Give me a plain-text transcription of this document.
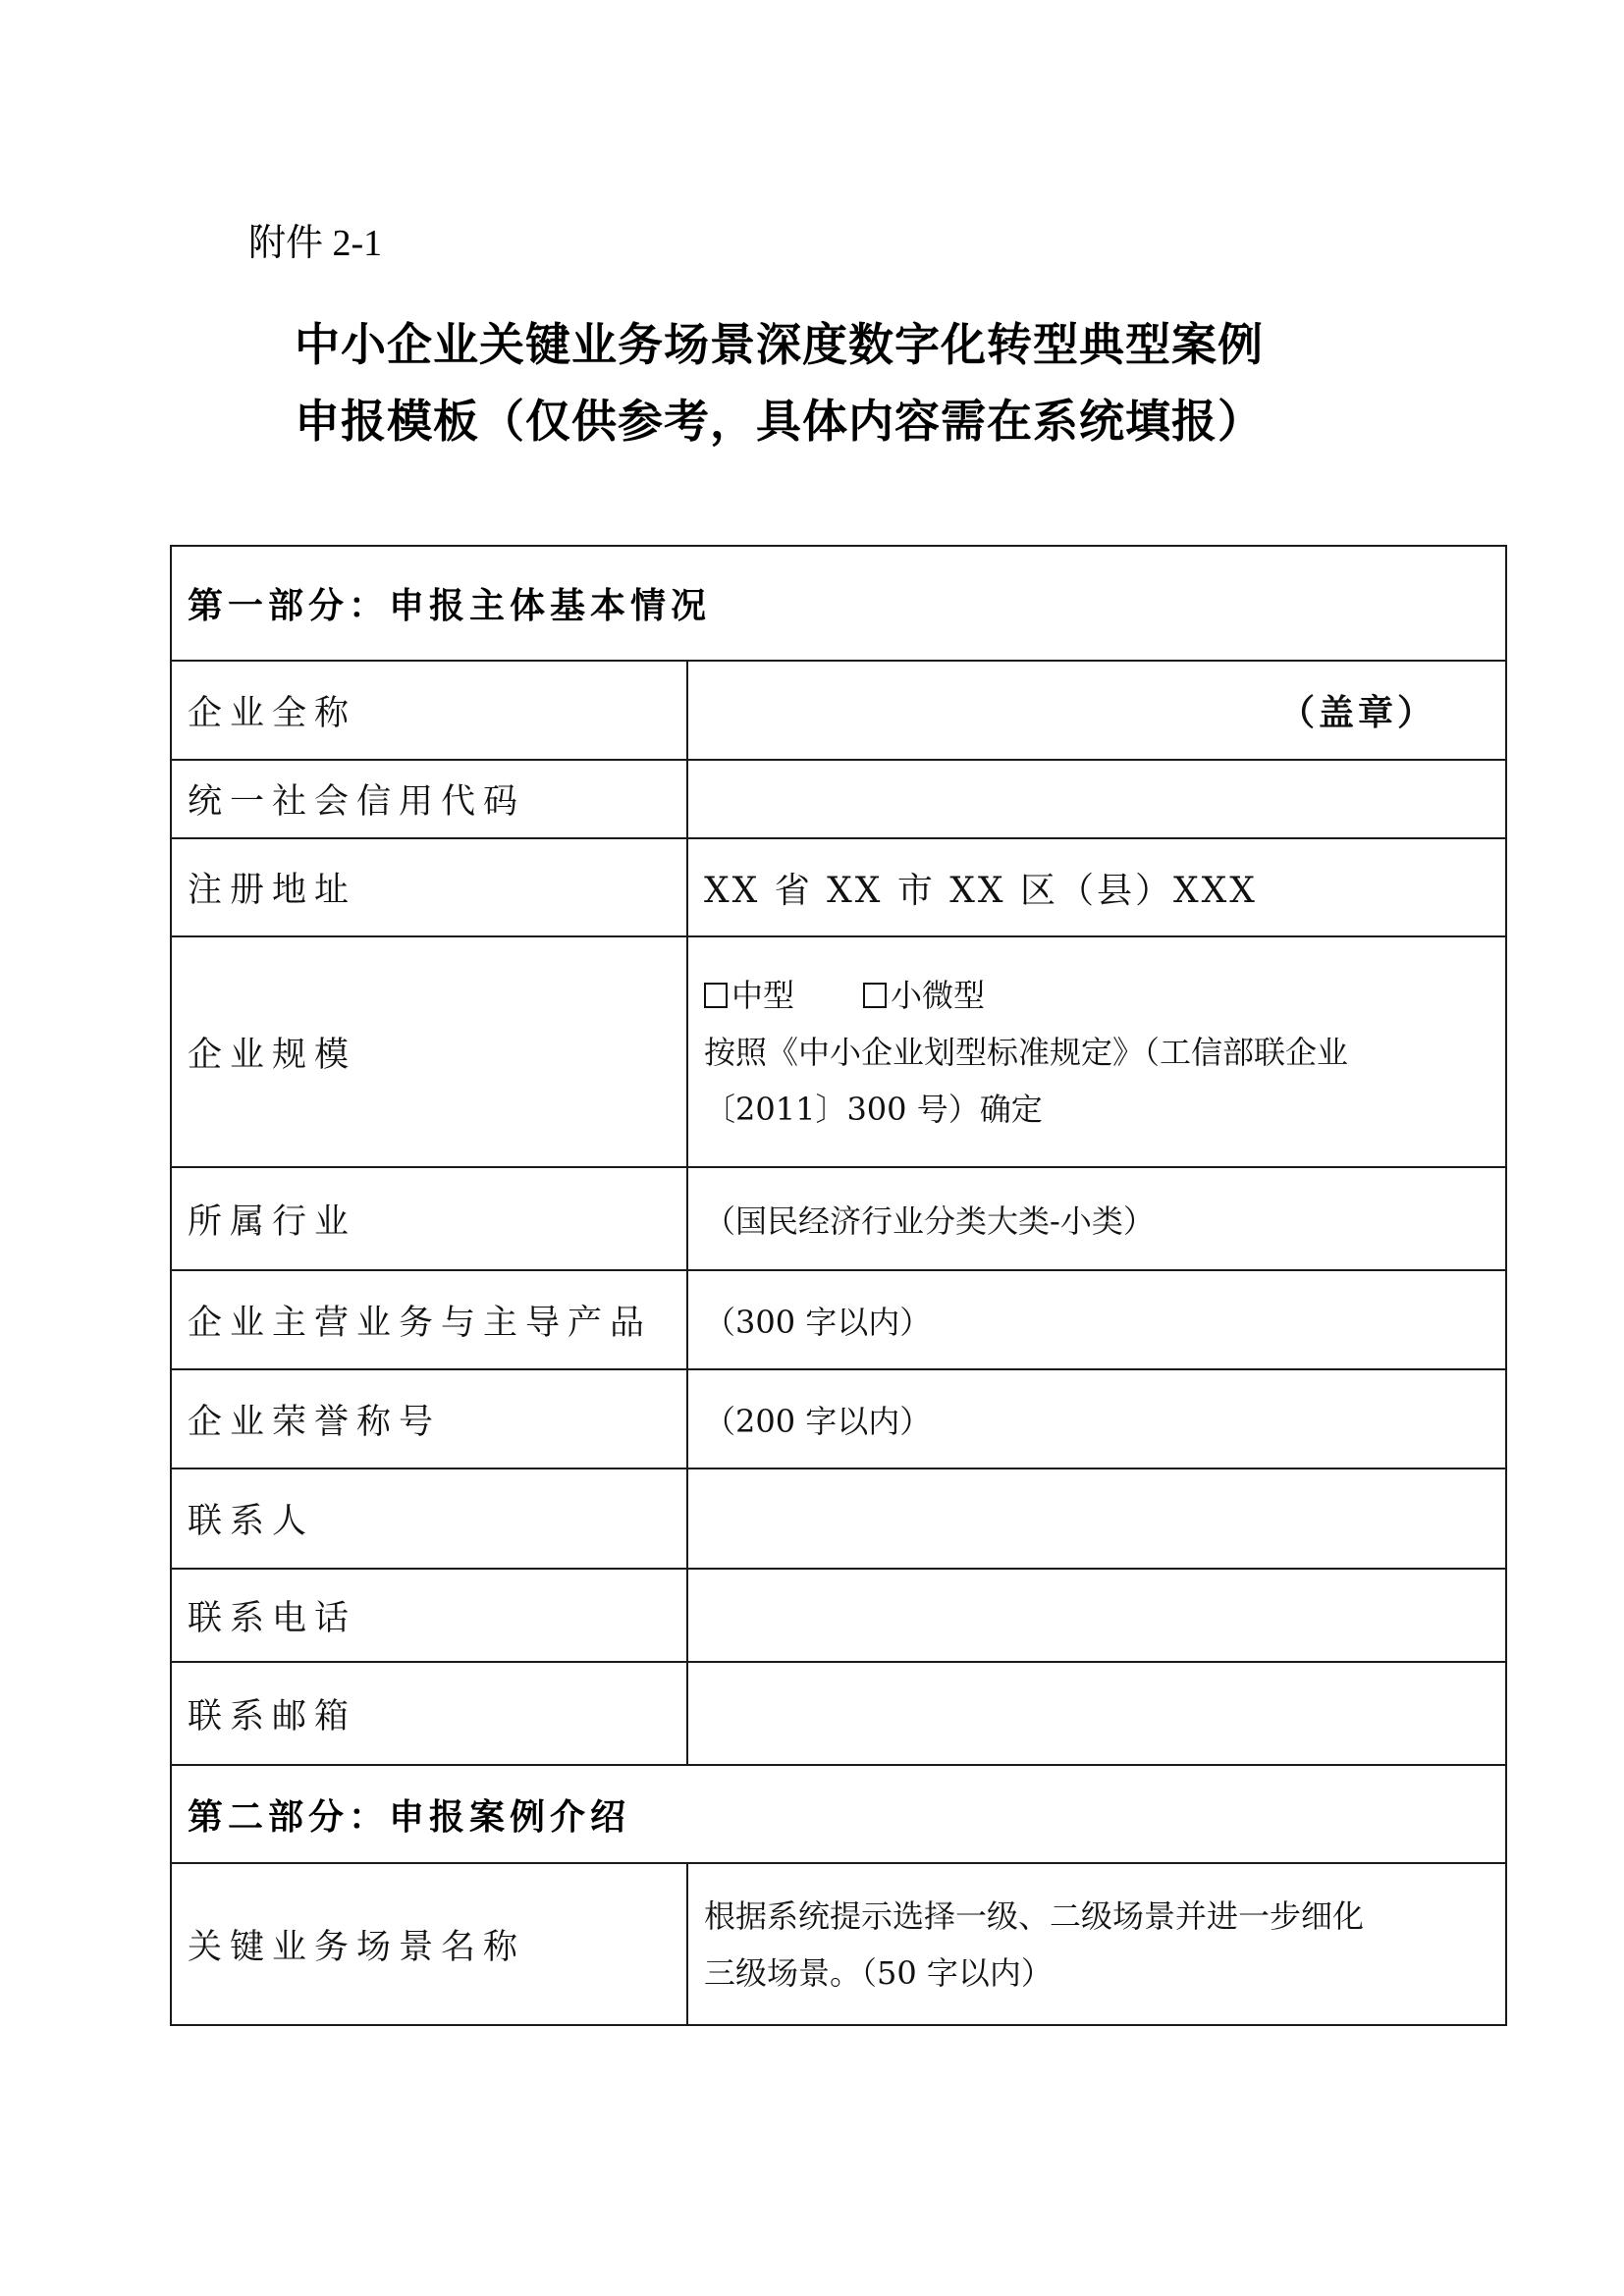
附件 2-1
中小企业关键业务场景深度数字化转型典型案例
申报模板（仅供参考，具体内容需在系统填报）
第一部分：申报主体基本情况	
企业全称	（盖章）

统一社会信用代码	
注册地址	XX 省 XX 市 XX 区（县）XXX
企业规模	中型 小微型
按照《中小企业划型标准规定》（工信部联企业
〔2011〕300 号）确定

所属行业	（国民经济行业分类大类-小类）
企业主营业务与主导产品	（300 字以内）
企业荣誉称号	（200 字以内）
联系人	
联系电话	
联系邮箱	
第二部分：申报案例介绍	
关键业务场景名称	根据系统提示选择一级、二级场景并进一步细化
三级场景。（50 字以内）
